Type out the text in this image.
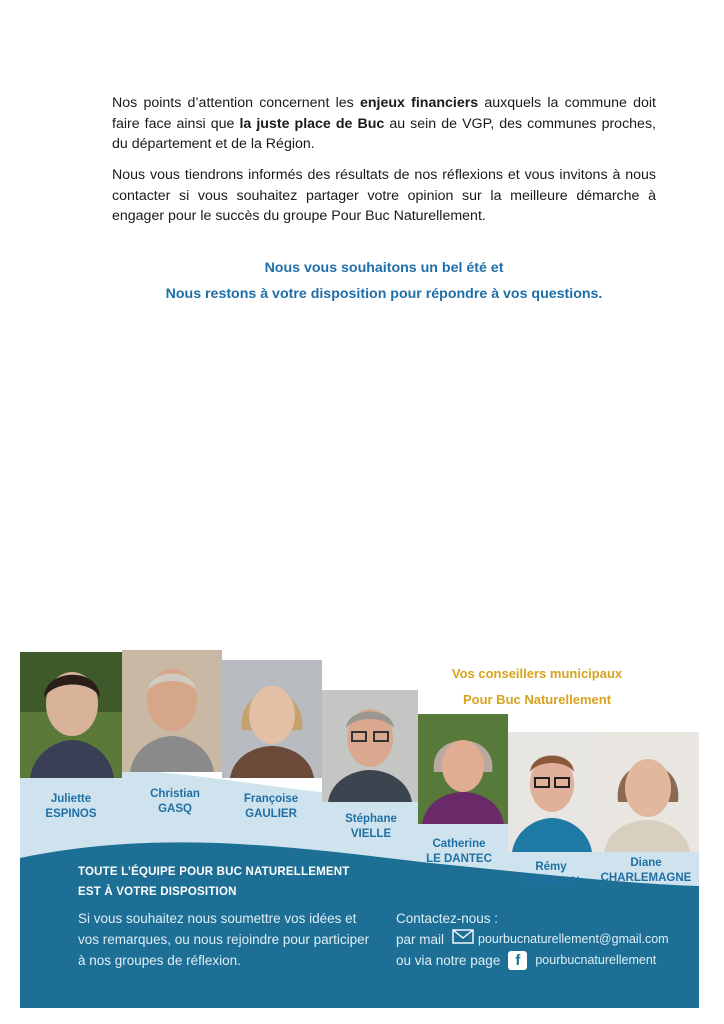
Nos points d’attention concernent les enjeux financiers auxquels la commune doit faire face ainsi que la juste place de Buc au sein de VGP, des communes proches, du département et de la Région.

Nous vous tiendrons informés des résultats de nos réflexions et vous invitons à nous contacter si vous souhaitez partager votre opinion sur la meilleure démarche à engager pour le succès du groupe Pour Buc Naturellement.

Nous vous souhaitons un bel été et
Nous restons à votre disposition pour répondre à vos questions.
Vos conseillers municipaux
Pour Buc Naturellement
Juliette
ESPINOS
Christian
GASQ
Françoise
GAULIER	Stéphane
VIELLE
Catherine
LE DANTEC
Rémy
JOURDAN
Diane
CHARLEMAGNE
TOUTE L’ÉQUIPE POUR BUC NATURELLEMENT
EST À VOTRE DISPOSITION
Si vous souhaitez nous soumettre vos idées et vos remarques, ou nous rejoindre pour participer à nos groupes de réflexion.
Contactez-nous :
par mail	pourbucnaturellement@gmail.com
ou via notre page	f	pourbucnaturellement
